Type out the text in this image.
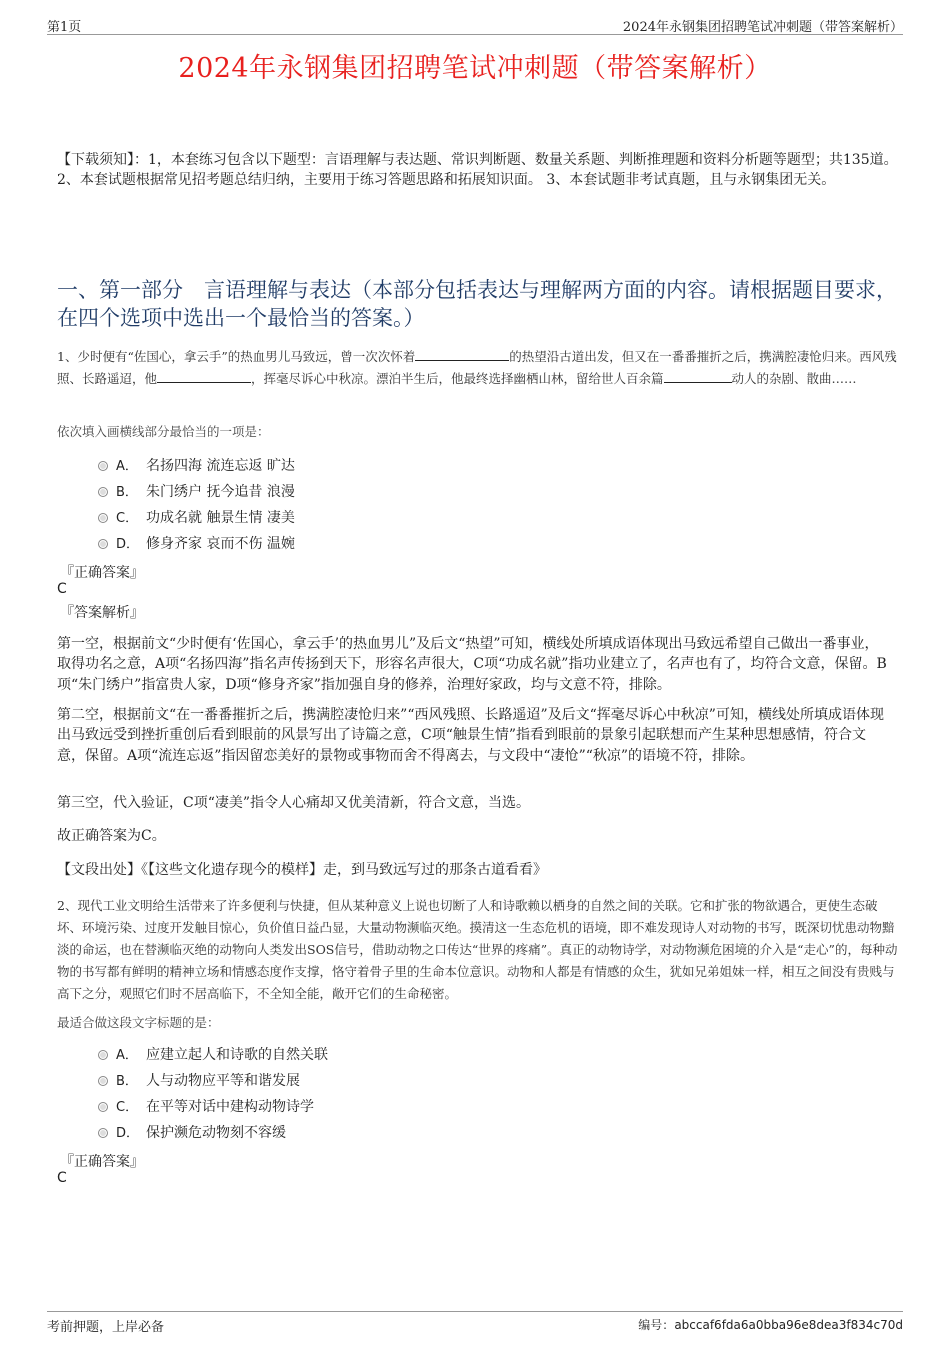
第1页	2024年永钢集团招聘笔试冲刺题（带答案解析）
2024年永钢集团招聘笔试冲刺题（带答案解析）
【下载须知】：1，本套练习包含以下题型：言语理解与表达题、常识判断题、数量关系题、判断推理题和资料分析题等题型；共135道。 2、本套试题根据常见招考题总结归纳，主要用于练习答题思路和拓展知识面。 3、本套试题非考试真题，且与永钢集团无关。
一、第一部分　言语理解与表达（本部分包括表达与理解两方面的内容。请根据题目要求，在四个选项中选出一个最恰当的答案。）
1、少时便有“佐国心，拿云手”的热血男儿马致远，曾一次次怀着	的热望沿古道出发，但又在一番番摧折之后，携满腔凄怆归来。西风残照、长路遥迢，他	，挥毫尽诉心中秋凉。漂泊半生后，他最终选择幽栖山林，留给世人百余篇	动人的杂剧、散曲……
依次填入画横线部分最恰当的一项是：
A． 名扬四海 流连忘返 旷达
B． 朱门绣户 抚今追昔 浪漫
C． 功成名就 触景生情 凄美
D． 修身齐家 哀而不伤 温婉
『正确答案』
C
『答案解析』
第一空，根据前文“少时便有‘佐国心，拿云手’的热血男儿”及后文“热望”可知，横线处所填成语体现出马致远希望自己做出一番事业，取得功名之意，A项“名扬四海”指名声传扬到天下，形容名声很大，C项“功成名就”指功业建立了，名声也有了，均符合文意，保留。B项“朱门绣户”指富贵人家，D项“修身齐家”指加强自身的修养，治理好家政，均与文意不符，排除。
第二空，根据前文“在一番番摧折之后，携满腔凄怆归来”“西风残照、长路遥迢”及后文“挥毫尽诉心中秋凉”可知，横线处所填成语体现出马致远受到挫折重创后看到眼前的风景写出了诗篇之意，C项“触景生情”指看到眼前的景象引起联想而产生某种思想感情，符合文意，保留。A项“流连忘返”指因留恋美好的景物或事物而舍不得离去，与文段中“凄怆”“秋凉”的语境不符，排除。
第三空，代入验证，C项“凄美”指令人心痛却又优美清新，符合文意，当选。
故正确答案为C。
【文段出处】《【这些文化遗存现今的模样】走，到马致远写过的那条古道看看》
2、现代工业文明给生活带来了许多便利与快捷，但从某种意义上说也切断了人和诗歌赖以栖身的自然之间的关联。它和扩张的物欲遇合，更使生态破坏、环境污染、过度开发触目惊心，负价值日益凸显，大量动物濒临灭绝。摸清这一生态危机的语境，即不难发现诗人对动物的书写，既深切忧患动物黯淡的命运，也在替濒临灭绝的动物向人类发出SOS信号，借助动物之口传达“世界的疼痛”。真正的动物诗学，对动物濒危困境的介入是“走心”的，每种动物的书写都有鲜明的精神立场和情感态度作支撑，恪守着骨子里的生命本位意识。动物和人都是有情感的众生，犹如兄弟姐妹一样，相互之间没有贵贱与高下之分，观照它们时不居高临下，不全知全能，敞开它们的生命秘密。
最适合做这段文字标题的是：
A． 应建立起人和诗歌的自然关联
B． 人与动物应平等和谐发展
C． 在平等对话中建构动物诗学
D． 保护濒危动物刻不容缓
『正确答案』
C
考前押题，上岸必备	编号：abccaf6fda6a0bba96e8dea3f834c70d
